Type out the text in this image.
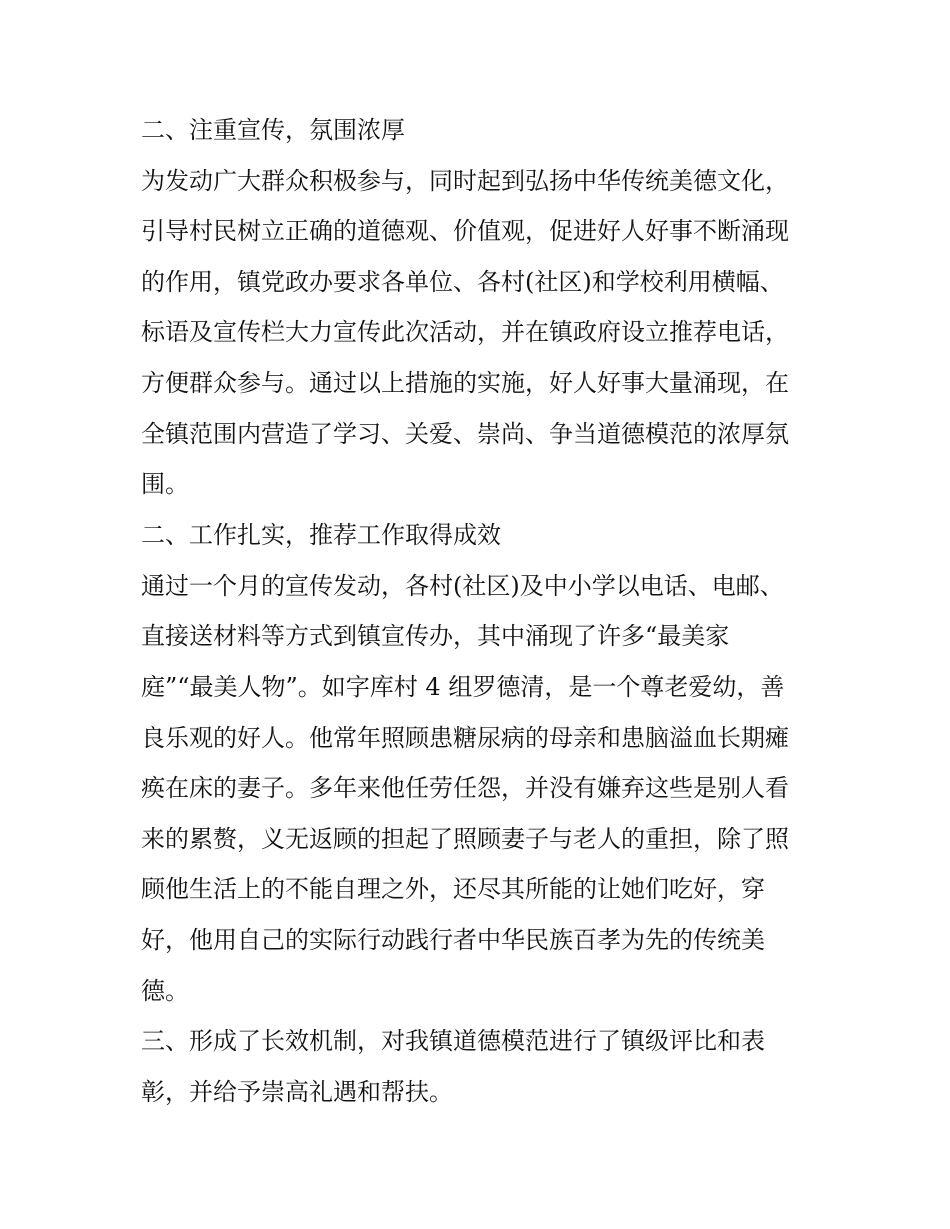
二、注重宣传，氛围浓厚
为发动广大群众积极参与，同时起到弘扬中华传统美德文化，
引导村民树立正确的道德观、价值观，促进好人好事不断涌现
的作用，镇党政办要求各单位、各村(社区)和学校利用横幅、
标语及宣传栏大力宣传此次活动，并在镇政府设立推荐电话，
方便群众参与。通过以上措施的实施，好人好事大量涌现，在
全镇范围内营造了学习、关爱、崇尚、争当道德模范的浓厚氛
围。
二、工作扎实，推荐工作取得成效
通过一个月的宣传发动，各村(社区)及中小学以电话、电邮、
直接送材料等方式到镇宣传办，其中涌现了许多“最美家
庭”“最美人物”。如字库村 4 组罗德清，是一个尊老爱幼，善
良乐观的好人。他常年照顾患糖尿病的母亲和患脑溢血长期瘫
痪在床的妻子。多年来他任劳任怨，并没有嫌弃这些是别人看
来的累赘，义无返顾的担起了照顾妻子与老人的重担，除了照
顾他生活上的不能自理之外，还尽其所能的让她们吃好，穿
好，他用自己的实际行动践行者中华民族百孝为先的传统美
德。
三、形成了长效机制，对我镇道德模范进行了镇级评比和表
彰，并给予崇高礼遇和帮扶。
